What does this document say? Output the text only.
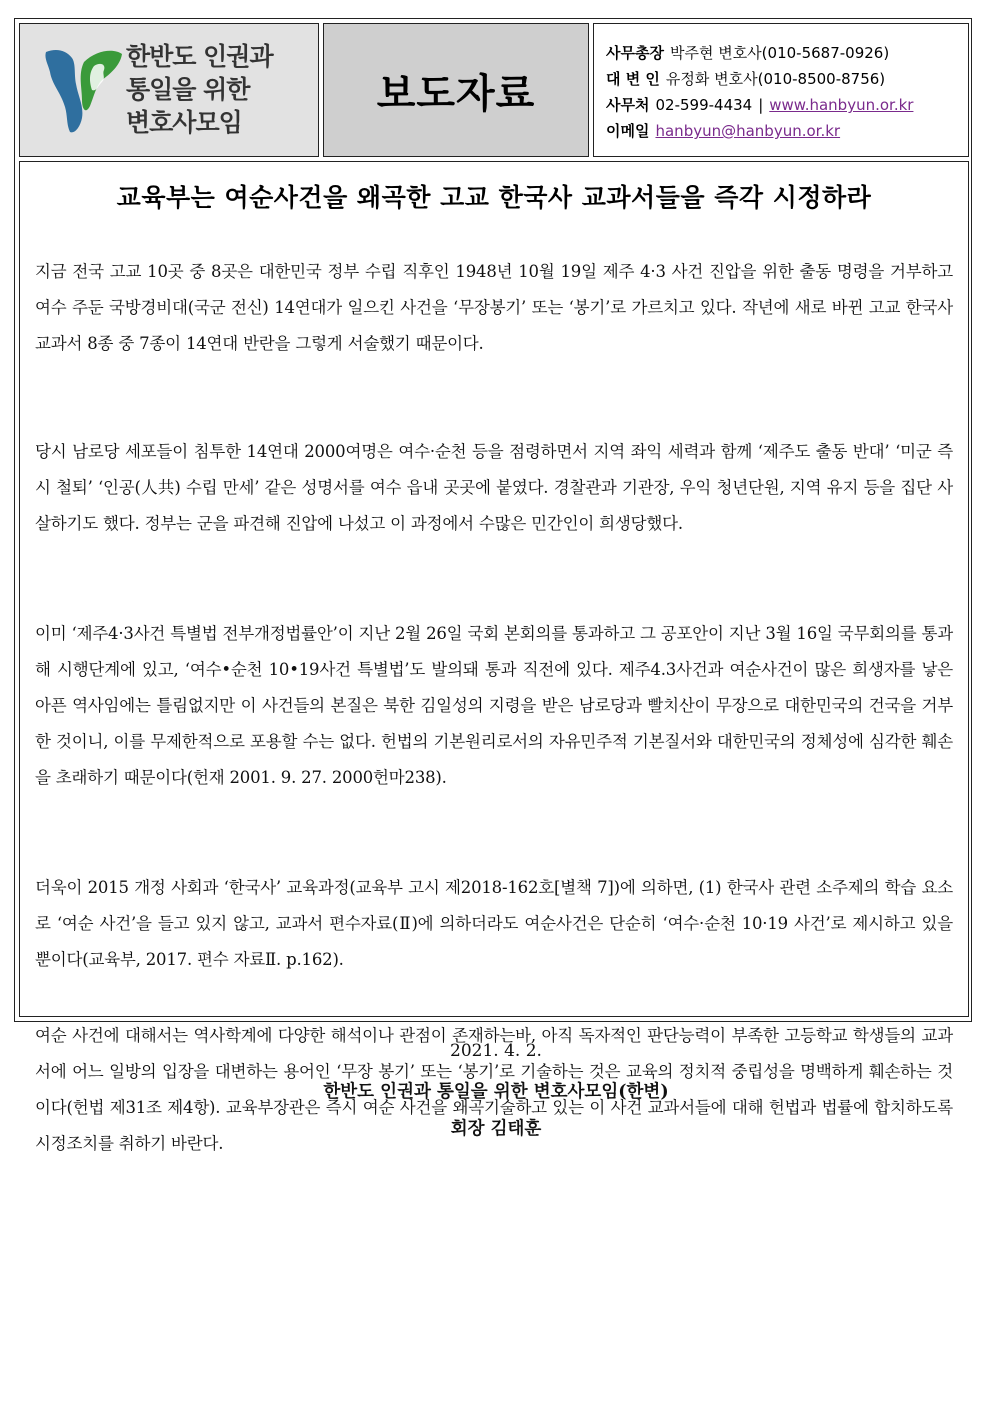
한반도 인권과
통일을 위한
변호사모임
보도자료
사무총장 박주현 변호사(010-5687-0926)
대 변 인 유정화 변호사(010-8500-8756)
사무처 02-599-4434 | www.hanbyun.or.kr
이메일 hanbyun@hanbyun.or.kr
교육부는 여순사건을 왜곡한 고교 한국사 교과서들을 즉각 시정하라
지금 전국 고교 10곳 중 8곳은 대한민국 정부 수립 직후인 1948년 10월 19일 제주 4·3 사건 진압을 위한 출동 명령을 거부하고 여수 주둔 국방경비대(국군 전신) 14연대가 일으킨 사건을 ‘무장봉기’ 또는 ‘봉기’로 가르치고 있다. 작년에 새로 바뀐 고교 한국사 교과서 8종 중 7종이 14연대 반란을 그렇게 서술했기 때문이다.
당시 남로당 세포들이 침투한 14연대 2000여명은 여수·순천 등을 점령하면서 지역 좌익 세력과 함께 ‘제주도 출동 반대’ ‘미군 즉시 철퇴’ ‘인공(人共) 수립 만세’ 같은 성명서를 여수 읍내 곳곳에 붙였다. 경찰관과 기관장, 우익 청년단원, 지역 유지 등을 집단 사살하기도 했다. 정부는 군을 파견해 진압에 나섰고 이 과정에서 수많은 민간인이 희생당했다.
이미 ‘제주4·3사건 특별법 전부개정법률안’이 지난 2월 26일 국회 본회의를 통과하고 그 공포안이 지난 3월 16일 국무회의를 통과해 시행단계에 있고, ‘여수•순천 10•19사건 특별법’도 발의돼 통과 직전에 있다. 제주4.3사건과 여순사건이 많은 희생자를 낳은 아픈 역사임에는 틀림없지만 이 사건들의 본질은 북한 김일성의 지령을 받은 남로당과 빨치산이 무장으로 대한민국의 건국을 거부한 것이니, 이를 무제한적으로 포용할 수는 없다. 헌법의 기본원리로서의 자유민주적 기본질서와 대한민국의 정체성에 심각한 훼손을 초래하기 때문이다(헌재 2001. 9. 27. 2000헌마238).
더욱이 2015 개정 사회과 ‘한국사’ 교육과정(교육부 고시 제2018-162호[별책 7])에 의하면, (1) 한국사 관련 소주제의 학습 요소로 ‘여순 사건’을 들고 있지 않고, 교과서 편수자료(Ⅱ)에 의하더라도 여순사건은 단순히 ‘여수·순천 10·19 사건’로 제시하고 있을 뿐이다(교육부, 2017. 편수 자료Ⅱ. p.162).
여순 사건에 대해서는 역사학계에 다양한 해석이나 관점이 존재하는바, 아직 독자적인 판단능력이 부족한 고등학교 학생들의 교과서에 어느 일방의 입장을 대변하는 용어인 ‘무장 봉기’ 또는 ‘봉기’로 기술하는 것은 교육의 정치적 중립성을 명백하게 훼손하는 것이다(헌법 제31조 제4항). 교육부장관은 즉시 여순 사건을 왜곡기술하고 있는 이 사건 교과서들에 대해 헌법과 법률에 합치하도록 시정조치를 취하기 바란다.
2021. 4. 2.
한반도 인권과 통일을 위한 변호사모임(한변)
회장 김태훈
